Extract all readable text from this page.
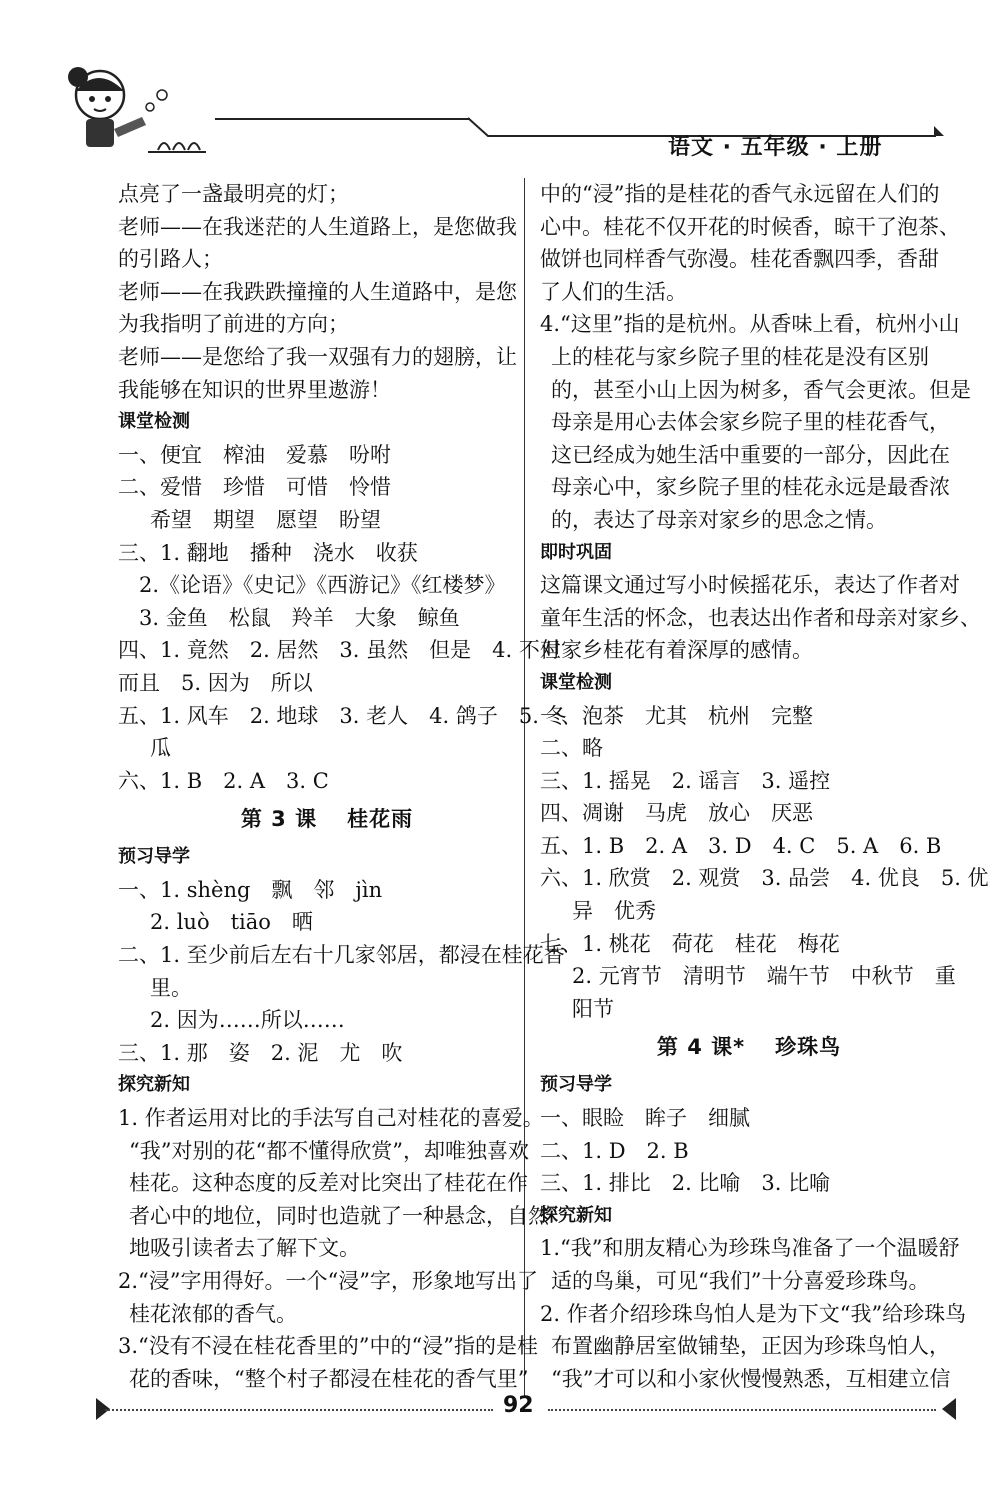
语文 · 五年级 · 上册
点亮了一盏最明亮的灯；
老师——在我迷茫的人生道路上，是您做我
的引路人；
老师——在我跌跌撞撞的人生道路中，是您
为我指明了前进的方向；
老师——是您给了我一双强有力的翅膀，让
我能够在知识的世界里遨游！
课堂检测
一、便宜　榨油　爱慕　吩咐
二、爱惜　珍惜　可惜　怜惜
希望　期望　愿望　盼望
三、1. 翻地　播种　浇水　收获
2.《论语》《史记》《西游记》《红楼梦》
3. 金鱼　松鼠　羚羊　大象　鲸鱼
四、1. 竟然　2. 居然　3. 虽然　但是　4. 不但
而且　5. 因为　所以
五、1. 风车　2. 地球　3. 老人　4. 鸽子　5. 冬
瓜
六、1. B　2. A　3. C
第 3 课 桂花雨
预习导学
一、1. shèng　飘　邻　jìn
2. luò　tiāo　晒
二、1. 至少前后左右十几家邻居，都浸在桂花香
里。
2. 因为……所以……
三、1. 那　姿　2. 泥　尤　吹
探究新知
1. 作者运用对比的手法写自己对桂花的喜爱。
“我”对别的花“都不懂得欣赏”，却唯独喜欢
桂花。这种态度的反差对比突出了桂花在作
者心中的地位，同时也造就了一种悬念，自然
地吸引读者去了解下文。
2.“浸”字用得好。一个“浸”字，形象地写出了
桂花浓郁的香气。
3.“没有不浸在桂花香里的”中的“浸”指的是桂
花的香味，“整个村子都浸在桂花的香气里”
中的“浸”指的是桂花的香气永远留在人们的
心中。桂花不仅开花的时候香，晾干了泡茶、
做饼也同样香气弥漫。桂花香飘四季，香甜
了人们的生活。
4.“这里”指的是杭州。从香味上看，杭州小山
上的桂花与家乡院子里的桂花是没有区别
的，甚至小山上因为树多，香气会更浓。但是
母亲是用心去体会家乡院子里的桂花香气，
这已经成为她生活中重要的一部分，因此在
母亲心中，家乡院子里的桂花永远是最香浓
的，表达了母亲对家乡的思念之情。
即时巩固
这篇课文通过写小时候摇花乐，表达了作者对
童年生活的怀念，也表达出作者和母亲对家乡、
对家乡桂花有着深厚的感情。
课堂检测
一、泡茶　尤其　杭州　完整
二、略
三、1. 摇晃　2. 谣言　3. 遥控
四、凋谢　马虎　放心　厌恶
五、1. B　2. A　3. D　4. C　5. A　6. B
六、1. 欣赏　2. 观赏　3. 品尝　4. 优良　5. 优
异　优秀
七、1. 桃花　荷花　桂花　梅花
2. 元宵节　清明节　端午节　中秋节　重
阳节
第 4 课* 珍珠鸟
预习导学
一、眼睑　眸子　细腻
二、1. D　2. B
三、1. 排比　2. 比喻　3. 比喻
探究新知
1.“我”和朋友精心为珍珠鸟准备了一个温暖舒
适的鸟巢，可见“我们”十分喜爱珍珠鸟。
2. 作者介绍珍珠鸟怕人是为下文“我”给珍珠鸟
布置幽静居室做铺垫，正因为珍珠鸟怕人，
“我”才可以和小家伙慢慢熟悉，互相建立信
92
